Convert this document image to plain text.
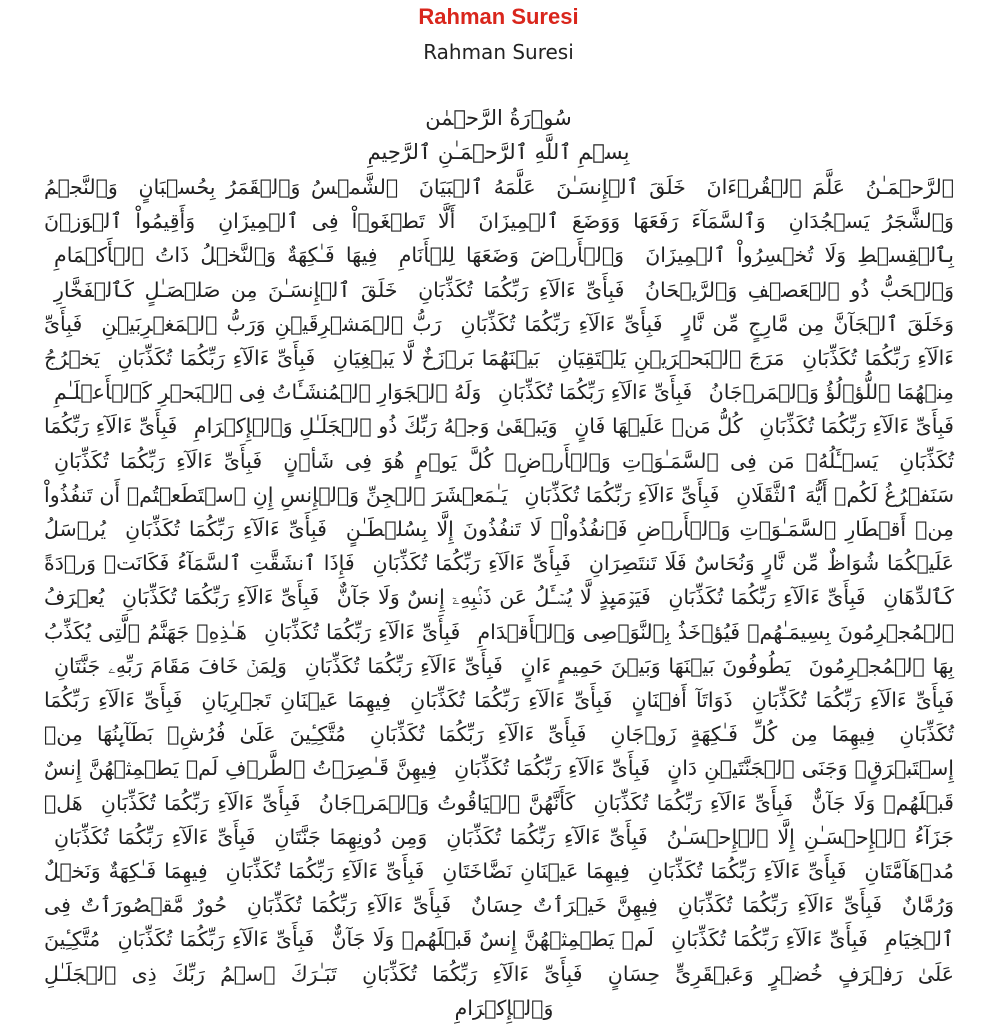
Rahman Suresi
Rahman Suresi
سُوۡرَةُ الرَّحۡمٰن
بِسۡمِ ٱللَّهِ ٱلرَّحۡمَـٰنِ ٱلرَّحِيمِ
ٱلرَّحۡمَـٰنُ عَلَّمَ ٱلۡقُرۡءَانَ خَلَقَ ٱلۡإِنسَـٰنَ عَلَّمَهُ ٱلۡبَيَانَ ٱلشَّمۡسُ وَٱلۡقَمَرُ بِحُسۡبَانٍ وَٱلنَّجۡمُ وَٱلشَّجَرُ يَسۡجُدَانِ وَٱلسَّمَآءَ رَفَعَهَا وَوَضَعَ ٱلۡمِيزَانَ أَلَّا تَطۡغَوۡاْ فِى ٱلۡمِيزَانِ وَأَقِيمُواْ ٱلۡوَزۡنَ بِٱلۡقِسۡطِ وَلَا تُخۡسِرُواْ ٱلۡمِيزَانَ وَٱلۡأَرۡضَ وَضَعَهَا لِلۡأَنَامِ فِيهَا فَـٰكِهَةٌ وَٱلنَّخۡلُ ذَاتُ ٱلۡأَكۡمَامِ وَٱلۡحَبُّ ذُو ٱلۡعَصۡفِ وَٱلرَّيۡحَانُ فَبِأَىِّ ءَالَآءِ رَبِّكُمَا تُكَذِّبَانِ خَلَقَ ٱلۡإِنسَـٰنَ مِن صَلۡصَـٰلٍ كَٱلۡفَخَّارِ وَخَلَقَ ٱلۡجَآنَّ مِن مَّارِجٍ مِّن نَّارٍ فَبِأَىِّ ءَالَآءِ رَبِّكُمَا تُكَذِّبَانِ رَبُّ ٱلۡمَشۡرِقَيۡنِ وَرَبُّ ٱلۡمَغۡرِبَيۡنِ فَبِأَىِّ ءَالَآءِ رَبِّكُمَا تُكَذِّبَانِ مَرَجَ ٱلۡبَحۡرَيۡنِ يَلۡتَقِيَانِ بَيۡنَهُمَا بَرۡزَخٌ لَّا يَبۡغِيَانِ فَبِأَىِّ ءَالَآءِ رَبِّكُمَا تُكَذِّبَانِ يَخۡرُجُ مِنۡهُمَا ٱللُّؤۡلُؤُ وَٱلۡمَرۡجَانُ فَبِأَىِّ ءَالَآءِ رَبِّكُمَا تُكَذِّبَانِ وَلَهُ ٱلۡجَوَارِ ٱلۡمُنشَـَٔاتُ فِى ٱلۡبَحۡرِ كَٱلۡأَعۡلَـٰمِ فَبِأَىِّ ءَالَآءِ رَبِّكُمَا تُكَذِّبَانِ كُلُّ مَنۡ عَلَيۡهَا فَانٍ وَيَبۡقَىٰ وَجۡهُ رَبِّكَ ذُو ٱلۡجَلَـٰلِ وَٱلۡإِكۡرَامِ فَبِأَىِّ ءَالَآءِ رَبِّكُمَا تُكَذِّبَانِ يَسۡـَٔلُهُۥ مَن فِى ٱلسَّمَـٰوَٲتِ وَٱلۡأَرۡضِۚ كُلَّ يَوۡمٍ هُوَ فِى شَأۡنٍ فَبِأَىِّ ءَالَآءِ رَبِّكُمَا تُكَذِّبَانِ سَنَفۡرُغُ لَكُمۡ أَيُّهَ ٱلثَّقَلَانِ فَبِأَىِّ ءَالَآءِ رَبِّكُمَا تُكَذِّبَانِ يَـٰمَعۡشَرَ ٱلۡجِنِّ وَٱلۡإِنسِ إِنِ ٱسۡتَطَعۡتُمۡ أَن تَنفُذُواْ مِنۡ أَقۡطَارِ ٱلسَّمَـٰوَٲتِ وَٱلۡأَرۡضِ فَٱنفُذُواْۚ لَا تَنفُذُونَ إِلَّا بِسُلۡطَـٰنٍ فَبِأَىِّ ءَالَآءِ رَبِّكُمَا تُكَذِّبَانِ يُرۡسَلُ عَلَيۡكُمَا شُوَاظٌ مِّن نَّارٍ وَنُحَاسٌ فَلَا تَنتَصِرَانِ فَبِأَىِّ ءَالَآءِ رَبِّكُمَا تُكَذِّبَانِ فَإِذَا ٱنشَقَّتِ ٱلسَّمَآءُ فَكَانَتۡ وَرۡدَةً كَٱلدِّهَانِ فَبِأَىِّ ءَالَآءِ رَبِّكُمَا تُكَذِّبَانِ فَيَوۡمَٮِٕذٍ لَّا يُسۡـَٔلُ عَن ذَنۢبِهِۦۤ إِنسٌ وَلَا جَآنٌّ فَبِأَىِّ ءَالَآءِ رَبِّكُمَا تُكَذِّبَانِ يُعۡرَفُ ٱلۡمُجۡرِمُونَ بِسِيمَـٰهُمۡ فَيُؤۡخَذُ بِٱلنَّوَٲصِى وَٱلۡأَقۡدَامِ فَبِأَىِّ ءَالَآءِ رَبِّكُمَا تُكَذِّبَانِ هَـٰذِهِۦ جَهَنَّمُ ٱلَّتِى يُكَذِّبُ بِهَا ٱلۡمُجۡرِمُونَ يَطُوفُونَ بَيۡنَهَا وَبَيۡنَ حَمِيمٍ ءَانٍ فَبِأَىِّ ءَالَآءِ رَبِّكُمَا تُكَذِّبَانِ وَلِمَنۡ خَافَ مَقَامَ رَبِّهِۦ جَنَّتَانِ فَبِأَىِّ ءَالَآءِ رَبِّكُمَا تُكَذِّبَانِ ذَوَاتَآ أَفۡنَانٍ فَبِأَىِّ ءَالَآءِ رَبِّكُمَا تُكَذِّبَانِ فِيهِمَا عَيۡنَانِ تَجۡرِيَانِ فَبِأَىِّ ءَالَآءِ رَبِّكُمَا تُكَذِّبَانِ فِيهِمَا مِن كُلِّ فَـٰكِهَةٍ زَوۡجَانِ فَبِأَىِّ ءَالَآءِ رَبِّكُمَا تُكَذِّبَانِ مُتَّكِـِٔينَ عَلَىٰ فُرُشِۭ بَطَآٮِٕنُهَا مِنۡ إِسۡتَبۡرَقٍۚ وَجَنَى ٱلۡجَنَّتَيۡنِ دَانٍ فَبِأَىِّ ءَالَآءِ رَبِّكُمَا تُكَذِّبَانِ فِيهِنَّ قَـٰصِرَٲتُ ٱلطَّرۡفِ لَمۡ يَطۡمِثۡهُنَّ إِنسٌ قَبۡلَهُمۡ وَلَا جَآنٌّ فَبِأَىِّ ءَالَآءِ رَبِّكُمَا تُكَذِّبَانِ كَأَنَّهُنَّ ٱلۡيَاقُوتُ وَٱلۡمَرۡجَانُ فَبِأَىِّ ءَالَآءِ رَبِّكُمَا تُكَذِّبَانِ هَلۡ جَزَآءُ ٱلۡإِحۡسَـٰنِ إِلَّا ٱلۡإِحۡسَـٰنُ فَبِأَىِّ ءَالَآءِ رَبِّكُمَا تُكَذِّبَانِ وَمِن دُونِهِمَا جَنَّتَانِ فَبِأَىِّ ءَالَآءِ رَبِّكُمَا تُكَذِّبَانِ مُدۡهَآمَّتَانِ فَبِأَىِّ ءَالَآءِ رَبِّكُمَا تُكَذِّبَانِ فِيهِمَا عَيۡنَانِ نَضَّاخَتَانِ فَبِأَىِّ ءَالَآءِ رَبِّكُمَا تُكَذِّبَانِ فِيهِمَا فَـٰكِهَةٌ وَنَخۡلٌ وَرُمَّانٌ فَبِأَىِّ ءَالَآءِ رَبِّكُمَا تُكَذِّبَانِ فِيهِنَّ خَيۡرَٲتٌ حِسَانٌ فَبِأَىِّ ءَالَآءِ رَبِّكُمَا تُكَذِّبَانِ حُورٌ مَّقۡصُورَٲتٌ فِى ٱلۡخِيَامِ فَبِأَىِّ ءَالَآءِ رَبِّكُمَا تُكَذِّبَانِ لَمۡ يَطۡمِثۡهُنَّ إِنسٌ قَبۡلَهُمۡ وَلَا جَآنٌّ فَبِأَىِّ ءَالَآءِ رَبِّكُمَا تُكَذِّبَانِ مُتَّكِـِٔينَ عَلَىٰ رَفۡرَفٍ خُضۡرٍ وَعَبۡقَرِىٍّ حِسَانٍ فَبِأَىِّ ءَالَآءِ رَبِّكُمَا تُكَذِّبَانِ تَبَـٰرَكَ ٱسۡمُ رَبِّكَ ذِى ٱلۡجَلَـٰلِ وَٱلۡإِكۡرَامِ
